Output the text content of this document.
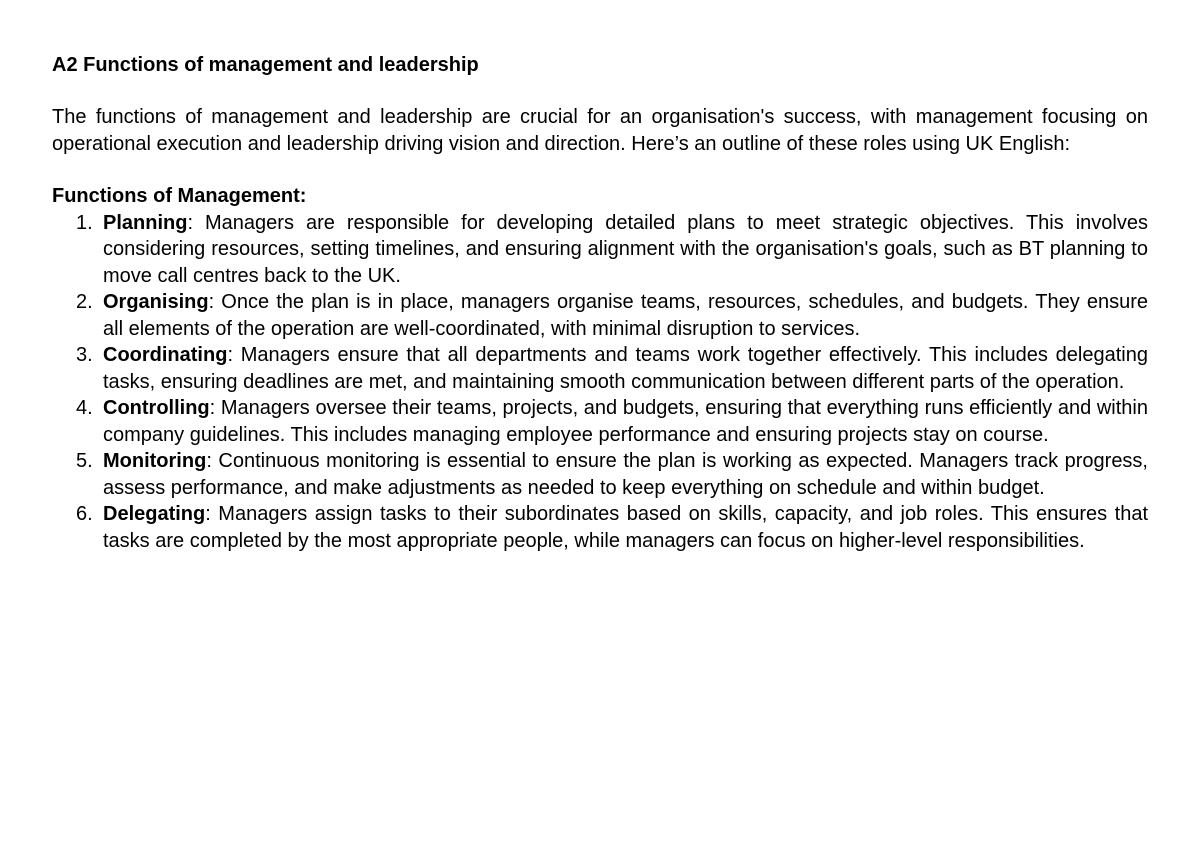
A2 Functions of management and leadership

The functions of management and leadership are crucial for an organisation's success, with management focusing on operational execution and leadership driving vision and direction. Here’s an outline of these roles using UK English:

Functions of Management:
1. Planning: Managers are responsible for developing detailed plans to meet strategic objectives. This involves considering resources, setting timelines, and ensuring alignment with the organisation's goals, such as BT planning to move call centres back to the UK.
2. Organising: Once the plan is in place, managers organise teams, resources, schedules, and budgets. They ensure all elements of the operation are well-coordinated, with minimal disruption to services.
3. Coordinating: Managers ensure that all departments and teams work together effectively. This includes delegating tasks, ensuring deadlines are met, and maintaining smooth communication between different parts of the operation.
4. Controlling: Managers oversee their teams, projects, and budgets, ensuring that everything runs efficiently and within company guidelines. This includes managing employee performance and ensuring projects stay on course.
5. Monitoring: Continuous monitoring is essential to ensure the plan is working as expected. Managers track progress, assess performance, and make adjustments as needed to keep everything on schedule and within budget.
6. Delegating: Managers assign tasks to their subordinates based on skills, capacity, and job roles. This ensures that tasks are completed by the most appropriate people, while managers can focus on higher-level responsibilities.
